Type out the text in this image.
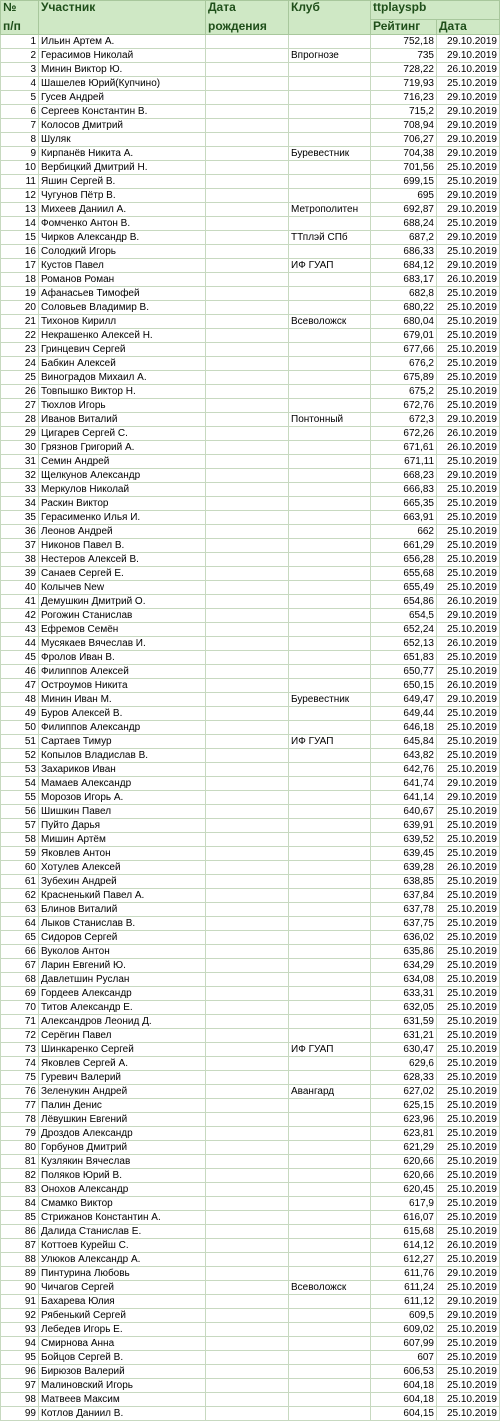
№	Участник	Дата	Клуб	ttplayspb	
п/п		рождения		Рейтинг	Дата
1	Ильин Артем А.			752,18	29.10.2019
2	Герасимов Николай		Впрогнозе	735	29.10.2019
3	Минин Виктор Ю.			728,22	26.10.2019
4	Шашелев Юрий(Купчино)			719,93	25.10.2019
5	Гусев Андрей			716,23	29.10.2019
6	Сергеев Константин В.			715,2	29.10.2019
7	Колосов Дмитрий			708,94	29.10.2019
8	Шуляк			706,27	29.10.2019
9	Кирпанёв Никита А.		Буревестник	704,38	29.10.2019
10	Вербицкий Дмитрий Н.			701,56	25.10.2019
11	Яшин Сергей В.			699,15	25.10.2019
12	Чугунов Пётр В.			695	29.10.2019
13	Михеев Даниил А.		Метрополитен	692,87	29.10.2019
14	Фомченко Антон В.			688,24	25.10.2019
15	Чирков Александр В.		ТТплэй СПб	687,2	29.10.2019
16	Солодкий Игорь			686,33	25.10.2019
17	Кустов Павел		ИФ ГУАП	684,12	29.10.2019
18	Романов Роман			683,17	26.10.2019
19	Афанасьев Тимофей			682,8	25.10.2019
20	Соловьев Владимир В.			680,22	25.10.2019
21	Тихонов Кирилл		Всеволожск	680,04	25.10.2019
22	Некрашенко Алексей Н.			679,01	25.10.2019
23	Гринцевич Сергей			677,66	25.10.2019
24	Бабкин Алексей			676,2	25.10.2019
25	Виноградов Михаил А.			675,89	25.10.2019
26	Товпышко Виктор Н.			675,2	25.10.2019
27	Тюхлов Игорь			672,76	25.10.2019
28	Иванов Виталий		Понтонный	672,3	29.10.2019
29	Цигарев Сергей С.			672,26	26.10.2019
30	Грязнов Григорий А.			671,61	26.10.2019
31	Семин Андрей			671,11	25.10.2019
32	Щелкунов Александр			668,23	29.10.2019
33	Меркулов Николай			666,83	25.10.2019
34	Раскин Виктор			665,35	25.10.2019
35	Герасименко Илья И.			663,91	25.10.2019
36	Леонов Андрей			662	25.10.2019
37	Никонов Павел В.			661,29	25.10.2019
38	Нестеров Алексей В.			656,28	25.10.2019
39	Санаев Сергей Е.			655,68	25.10.2019
40	Колычев New			655,49	25.10.2019
41	Демушкин Дмитрий О.			654,86	26.10.2019
42	Рогожин Станислав			654,5	29.10.2019
43	Ефремов Семён			652,24	25.10.2019
44	Мусякаев Вячеслав И.			652,13	26.10.2019
45	Фролов Иван В.			651,83	25.10.2019
46	Филиппов Алексей			650,77	25.10.2019
47	Остроумов Никита			650,15	26.10.2019
48	Минин Иван М.		Буревестник	649,47	29.10.2019
49	Буров Алексей В.			649,44	25.10.2019
50	Филиппов Александр			646,18	25.10.2019
51	Сартаев Тимур		ИФ ГУАП	645,84	25.10.2019
52	Копылов Владислав В.			643,82	25.10.2019
53	Захариков Иван			642,76	25.10.2019
54	Мамаев Александр			641,74	29.10.2019
55	Морозов Игорь А.			641,14	29.10.2019
56	Шишкин Павел			640,67	25.10.2019
57	Пуйто Дарья			639,91	25.10.2019
58	Мишин Артём			639,52	25.10.2019
59	Яковлев Антон			639,45	25.10.2019
60	Хотулев Алексей			639,28	26.10.2019
61	Зубехин Андрей			638,85	25.10.2019
62	Красненький Павел А.			637,84	25.10.2019
63	Блинов Виталий			637,78	25.10.2019
64	Лыков Станислав В.			637,75	25.10.2019
65	Сидоров Сергей			636,02	25.10.2019
66	Вуколов Антон			635,86	25.10.2019
67	Ларин Евгений Ю.			634,29	25.10.2019
68	Давлетшин Руслан			634,08	25.10.2019
69	Гордеев Александр			633,31	25.10.2019
70	Титов Александр Е.			632,05	25.10.2019
71	Александров Леонид Д.			631,59	25.10.2019
72	Серёгин Павел			631,21	25.10.2019
73	Шинкаренко Сергей		ИФ ГУАП	630,47	25.10.2019
74	Яковлев Сергей А.			629,6	25.10.2019
75	Гуревич Валерий			628,33	25.10.2019
76	Зеленукин Андрей		Авангард	627,02	25.10.2019
77	Палин Денис			625,15	25.10.2019
78	Лёвушкин Евгений			623,96	25.10.2019
79	Дроздов Александр			623,81	25.10.2019
80	Горбунов Дмитрий			621,29	25.10.2019
81	Кузлякин Вячеслав			620,66	25.10.2019
82	Поляков Юрий В.			620,66	25.10.2019
83	Онохов Александр			620,45	25.10.2019
84	Смамко Виктор			617,9	25.10.2019
85	Стрижанов Константин А.			616,07	25.10.2019
86	Далида Станислав Е.			615,68	25.10.2019
87	Коттоев Курейш С.			614,12	26.10.2019
88	Улюков Александр А.			612,27	25.10.2019
89	Пинтурина Любовь			611,76	29.10.2019
90	Чичагов Сергей		Всеволожск	611,24	25.10.2019
91	Бахарева Юлия			611,12	29.10.2019
92	Рябенький Сергей			609,5	29.10.2019
93	Лебедев Игорь Е.			609,02	25.10.2019
94	Смирнова Анна			607,99	25.10.2019
95	Бойцов Сергей В.			607	25.10.2019
96	Бирюзов Валерий			606,53	25.10.2019
97	Малиновский Игорь			604,18	25.10.2019
98	Матвеев Максим			604,18	25.10.2019
99	Котлов Даниил В.			604,15	25.10.2019
